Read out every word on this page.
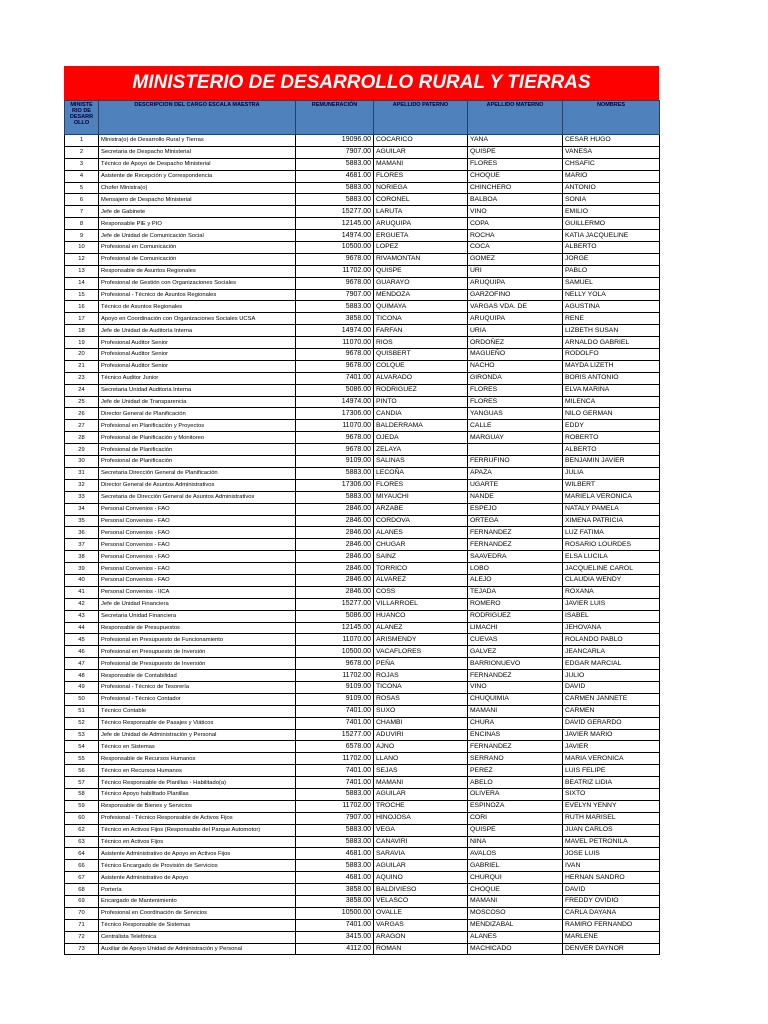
MINISTERIO DE DESARROLLO RURAL Y TIERRAS
MINISTE RIO DE DESARR OLLO	DESCRIPCION DEL CARGO ESCALA MAESTRA	REMUNERACIÓN	APELLIDO PATERNO	APELLIDO MATERNO	NOMBRES
1	Ministra(o) de Desarrollo Rural y Tierras	19096.00	COCARICO	YANA	CESAR HUGO
2	Secretaria de Despacho Ministerial	7907.00	AGUILAR	QUISPE	VANESA
3	Técnico de Apoyo de Despacho Ministerial	5883.00	MAMANI	FLORES	CHSAFIC
4	Asistente de Recepción y Correspondencia	4681.00	FLORES	CHOQUE	MARIO
5	Chofer Ministra(o)	5883.00	NORIEGA	CHINCHERO	ANTONIO
6	Mensajero de Despacho Ministerial	5883.00	CORONEL	BALBOA	SONIA
7	Jefe de Gabinete	15277.00	LARUTA	VINO	EMILIO
8	Responsable PIE y PIO	12145.00	ARUQUIPA	COPA	GUILLERMO
9	Jefe de Unidad de Comunicación Social	14974.00	ERGUETA	ROCHA	KATIA JACQUELINE
10	Profesional en Comunicación	10500.00	LOPEZ	COCA	ALBERTO
12	Profesional de Comunicación	9678.00	RIVAMONTAN	GOMEZ	JORGE
13	Responsable de Asuntos Regionales	11702.00	QUISPE	URI	PABLO
14	Profesional de Gestión con Organizaciones Sociales	9678.00	GUARAYO	ARUQUIPA	SAMUEL
15	Profesional - Técnico de Asuntos Regionales	7907.00	MENDOZA	GARZOFINO	NELLY YOLA
16	Técnico de Asuntos Regionales	5883.00	QUIMAYA	VARGAS VDA. DE	AGUSTINA
17	Apoyo en Coordinación con Organizaciones Sociales UCSA	3858.00	TICONA	ARUQUIPA	RENE
18	Jefe de Unidad de Auditoría Interna	14974.00	FARFAN	URIA	LIZBETH SUSAN
19	Profesional Auditor Senior	11070.00	RIOS	ORDOÑEZ	ARNALDO GABRIEL
20	Profesional Auditor Senior	9678.00	QUISBERT	MAGUEÑO	RODOLFO
21	Profesional Auditor Senior	9678.00	COLQUE	NACHO	MAYDA LIZETH
23	Técnico Auditor Junior	7401.00	ALVARADO	GIRONDA	BORIS ANTONIO
24	Secretaria Unidad Auditoria Interna	5086.00	RODRIGUEZ	FLORES	ELVA MARINA
25	Jefe de Unidad de Transparencia	14974.00	PINTO	FLORES	MILENCA
26	Director General de Planificación	17306.00	CANDIA	YANGUAS	NILO GERMAN
27	Profesional en Planificación y Proyectos	11070.00	BALDERRAMA	CALLE	EDDY
28	Profesional de Planificación y Monitoreo	9678.00	OJEDA	MARGUAY	ROBERTO
29	Profesional de Planificación	9678.00	ZELAYA		ALBERTO
30	Profesional de Planificación	9109.00	SALINAS	FERRUFINO	BENJAMIN JAVIER
31	Secretaria Dirección General de Planificación	5883.00	LECOÑA	APAZA	JULIA
32	Director General de Asuntos Administrativos	17306.00	FLORES	UGARTE	WILBERT
33	Secretaria de Dirección General de Asuntos Administrativos	5883.00	MIYAUCHI	NANDE	MARIELA VERONICA
34	Personal Convenios - FAO	2846.00	ARZABE	ESPEJO	NATALY PAMELA
35	Personal Convenios - FAO	2846.00	CORDOVA	ORTEGA	XIMENA PATRICIA
36	Personal Convenios - FAO	2846.00	ALANES	FERNANDEZ	LUZ FATIMA
37	Personal Convenios - FAO	2846.00	CHUGAR	FERNANDEZ	ROSARIO LOURDES
38	Personal Convenios - FAO	2846.00	SAINZ	SAAVEDRA	ELSA LUCILA
39	Personal Convenios - FAO	2846.00	TORRICO	LOBO	JACQUELINE CAROL
40	Personal Convenios - FAO	2846.00	ALVAREZ	ALEJO	CLAUDIA WENDY
41	Personal Convenios - IICA	2846.00	COSS	TEJADA	ROXANA
42	Jefe de Unidad Financiera	15277.00	VILLARROEL	ROMERO	JAVIER LUIS
43	Secretaria Unidad Financiera	5086.00	HUANCO	RODRIGUEZ	ISABEL
44	Responsable de Presupuestos	12145.00	ALANEZ	LIMACHI	JEHOVANA
45	Profesional en Presupuesto de Funcionamiento	11070.00	ARISMENDY	CUEVAS	ROLANDO PABLO
46	Profesional en Presupuesto de Inversión	10500.00	VACAFLORES	GALVEZ	JEANCARLA
47	Profesional de Presupuesto de Inversión	9678.00	PEÑA	BARRIONUEVO	EDGAR MARCIAL
48	Responsable de Contabilidad	11702.00	ROJAS	FERNANDEZ	JULIO
49	Profesional - Técnico de Tesorería	9109.00	TICONA	VINO	DAVID
50	Profesional - Técnico Contador	9109.00	ROSAS	CHUQUIMIA	CARMEN JANNETE
51	Técnico Contable	7401.00	SUXO	MAMANI	CARMEN
52	Técnico Responsable de Pasajes y Viáticos	7401.00	CHAMBI	CHURA	DAVID GERARDO
53	Jefe de Unidad de Administración y Personal	15277.00	ADUVIRI	ENCINAS	JAVIER MARIO
54	Técnico en Sistemas	6578.00	AJNO	FERNANDEZ	JAVIER
55	Responsable de Recursos Humanos	11702.00	LLANO	SERRANO	MARIA VERONICA
56	Técnico en Recursos Humanos	7401.00	SEJAS	PEREZ	LUIS FELIPE
57	Técnico Responsable de Planillas - Habilitado(a)	7401.00	MAMANI	ABELO	BEATRIZ LIDIA
58	Técnico Apoyo habilitado Planillas	5883.00	AGUILAR	OLIVERA	SIXTO
59	Responsable de Bienes y Servicios	11702.00	TROCHE	ESPINOZA	EVELYN YENNY
60	Profesional - Técnico Responsable de Activos Fijos	7907.00	HINOJOSA	CORI	RUTH MARISEL
62	Técnico en Activos Fijos (Responsable del Parque Automotor)	5883.00	VEGA	QUISPE	JUAN CARLOS
63	Técnico en Activos Fijos	5883.00	CANAVIRI	NINA	MAVEL PETRONILA
64	Asistente Administrativo de Apoyo en Activos Fijos	4681.00	SARAVIA	AVALOS	JOSE LUIS
66	Técnico Encargado de Provisión de Servicios	5883.00	AGUILAR	GABRIEL	IVAN
67	Asistente Administrativo de Apoyo	4681.00	AQUINO	CHURQUI	HERNAN SANDRO
68	Portería	3858.00	BALDIVIESO	CHOQUE	DAVID
69	Encargado de Mantenimiento	3858.00	VELASCO	MAMANI	FREDDY OVIDIO
70	Profesional en Coordinación de Servicios	10500.00	OVALLE	MOSCOSO	CARLA DAYANA
71	Técnico Responsable de Sistemas	7401.00	VARGAS	MENDIZABAL	RAMIRO FERNANDO
72	Centralista Telefónica	3415.00	ARAGON	ALANES	MARLENE
73	Auxiliar de Apoyo Unidad de Administración y Personal	4112.00	ROMAN	MACHICADO	DENVER DAYNOR
